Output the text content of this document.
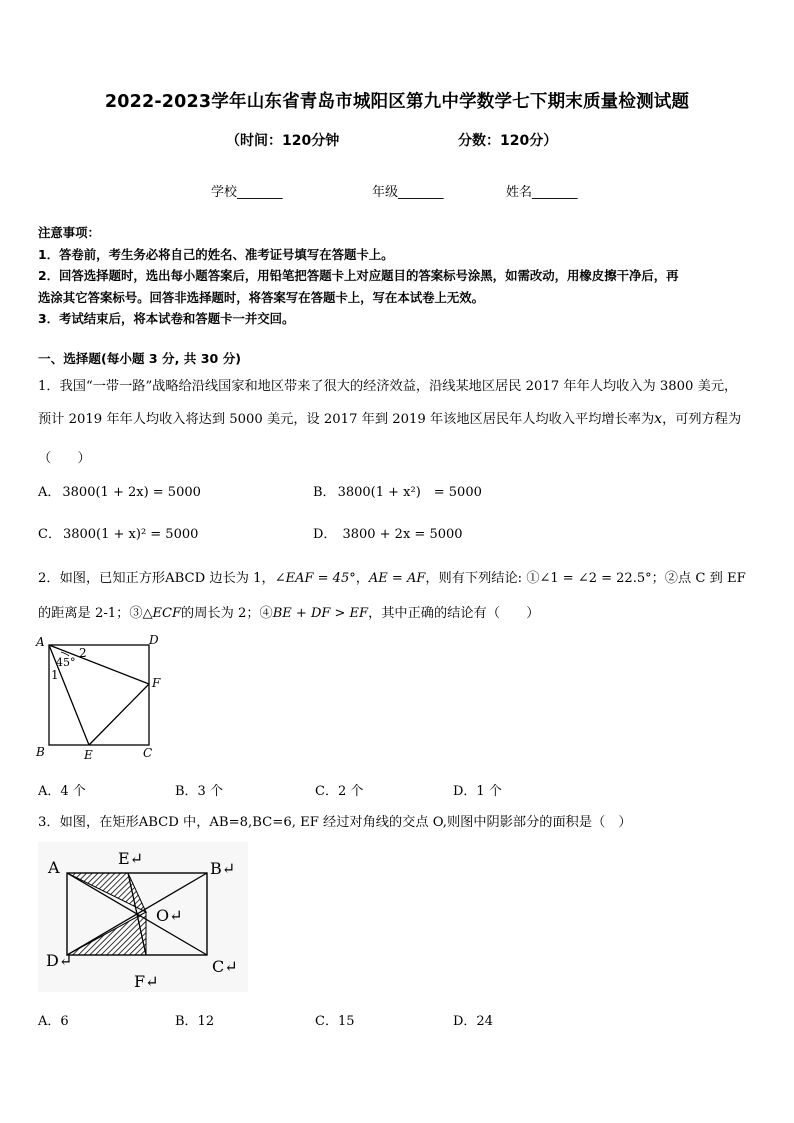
2022-2023学年山东省青岛市城阳区第九中学数学七下期末质量检测试题
（时间：120分钟	分数：120分）
学校_______	年级_______	姓名_______
注意事项：
1．答卷前，考生务必将自己的姓名、准考证号填写在答题卡上。
2．回答选择题时，选出每小题答案后，用铅笔把答题卡上对应题目的答案标号涂黑，如需改动，用橡皮擦干净后，再
选涂其它答案标号。回答非选择题时，将答案写在答题卡上，写在本试卷上无效。
3．考试结束后，将本试卷和答题卡一并交回。
一、选择题(每小题 3 分, 共 30 分)
1．我国“一带一路”战略给沿线国家和地区带来了很大的经济效益，沿线某地区居民 2017 年年人均收入为 3800 美元，
预计 2019 年年人均收入将达到 5000 美元，设 2017 年到 2019 年该地区居民年人均收入平均增长率为x，可列方程为
（　　）
A． 3800(1 + 2x) = 5000	B． 3800(1 + x²)　= 5000
C． 3800(1 + x)² = 5000	D． 3800 + 2x = 5000
2．如图，已知正方形ABCD 边长为 1，∠EAF = 45°，AE = AF，则有下列结论: ①∠1 = ∠2 = 22.5°；②点 C 到 EF
的距离是 2-1；③△ECF的周长为 2；④BE + DF > EF，其中正确的结论有（　　）
A	D
B	C
E
F
2
45°
1
A．4 个	B．3 个	C．2 个	D．1 个
3．如图，在矩形ABCD 中，AB=8,BC=6, EF 经过对角线的交点 O,则图中阴影部分的面积是（　）
A	E↵
B↵
O↵
D↵	C↵
F↵
A．6	B．12	C．15	D．24
